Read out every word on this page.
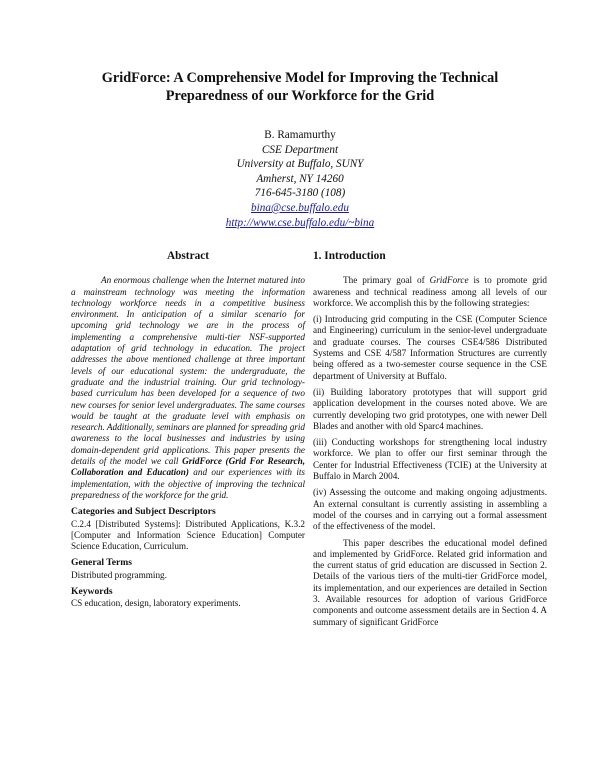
GridForce: A Comprehensive Model for Improving the Technical
Preparedness of our Workforce for the Grid
B. Ramamurthy
CSE Department
University at Buffalo, SUNY
Amherst, NY 14260
716-645-3180 (108)
bina@cse.buffalo.edu
http://www.cse.buffalo.edu/~bina
Abstract

An enormous challenge when the Internet matured into a mainstream technology was meeting the information technology workforce needs in a competitive business environment. In anticipation of a similar scenario for upcoming grid technology we are in the process of implementing a comprehensive multi-tier NSF-supported adaptation of grid technology in education. The project addresses the above mentioned challenge at three important levels of our educational system: the undergraduate, the graduate and the industrial training. Our grid technology-based curriculum has been developed for a sequence of two new courses for senior level undergraduates. The same courses would be taught at the graduate level with emphasis on research. Additionally, seminars are planned for spreading grid awareness to the local businesses and industries by using domain-dependent grid applications. This paper presents the details of the model we call GridForce (Grid For Research, Collaboration and Education) and our experiences with its implementation, with the objective of improving the technical preparedness of the workforce for the grid.

Categories and Subject Descriptors

C.2.4 [Distributed Systems]: Distributed Applications, K.3.2 [Computer and Information Science Education] Computer Science Education, Curriculum.

General Terms

Distributed programming.

Keywords

CS education, design, laboratory experiments.

1. Introduction

The primary goal of GridForce is to promote grid awareness and technical readiness among all levels of our workforce. We accomplish this by the following strategies:

(i) Introducing grid computing in the CSE (Computer Science and Engineering) curriculum in the senior-level undergraduate and graduate courses. The courses CSE4/586 Distributed Systems and CSE 4/587 Information Structures are currently being offered as a two-semester course sequence in the CSE department of University at Buffalo.

(ii) Building laboratory prototypes that will support grid application development in the courses noted above. We are currently developing two grid prototypes, one with newer Dell Blades and another with old Sparc4 machines.

(iii) Conducting workshops for strengthening local industry workforce. We plan to offer our first seminar through the Center for Industrial Effectiveness (TCIE) at the University at Buffalo in March 2004.

(iv) Assessing the outcome and making ongoing adjustments. An external consultant is currently assisting in assembling a model of the courses and in carrying out a formal assessment of the effectiveness of the model.

This paper describes the educational model defined and implemented by GridForce. Related grid information and the current status of grid education are discussed in Section 2. Details of the various tiers of the multi-tier GridForce model, its implementation, and our experiences are detailed in Section 3. Available resources for adoption of various GridForce components and outcome assessment details are in Section 4. A summary of significant GridForce
